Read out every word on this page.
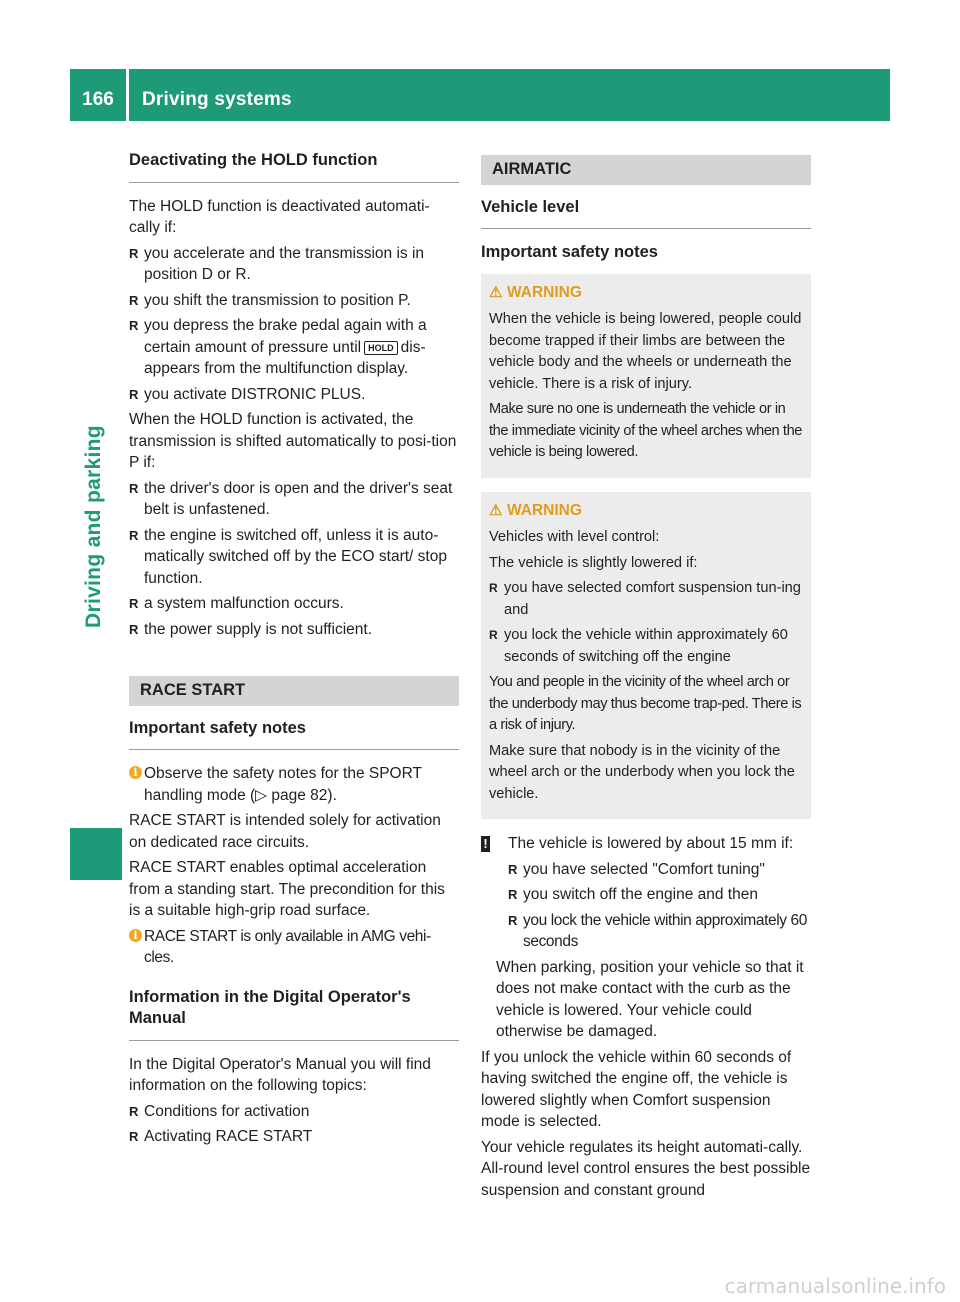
166	Driving systems
Driving and parking
Deactivating the HOLD function

The HOLD function is deactivated automati-cally if:

R you accelerate and the transmission is in position D or R.
R you shift the transmission to position P.
R you depress the brake pedal again with a certain amount of pressure until HOLD dis-appears from the multifunction display.
R you activate DISTRONIC PLUS.

When the HOLD function is activated, the transmission is shifted automatically to posi-tion P if:

R the driver's door is open and the driver's seat belt is unfastened.
R the engine is switched off, unless it is auto-matically switched off by the ECO start/ stop function.
R a system malfunction occurs.
R the power supply is not sufficient.
RACE START
Important safety notes
i Observe the safety notes for the SPORT handling mode (▷ page 82).

RACE START is intended solely for activation on dedicated race circuits.

RACE START enables optimal acceleration from a standing start. The precondition for this is a suitable high-grip road surface.

i RACE START is only available in AMG vehi-cles.

Information in the Digital Operator's Manual

In the Digital Operator's Manual you will find information on the following topics:

R Conditions for activation
R Activating RACE START
AIRMATIC
Vehicle level
Important safety notes
⚠ WARNING

When the vehicle is being lowered, people could become trapped if their limbs are between the vehicle body and the wheels or underneath the vehicle. There is a risk of injury.

Make sure no one is underneath the vehicle or in the immediate vicinity of the wheel arches when the vehicle is being lowered.

⚠ WARNING

Vehicles with level control:

The vehicle is slightly lowered if:

R you have selected comfort suspension tun-ing and
R you lock the vehicle within approximately 60 seconds of switching off the engine

You and people in the vicinity of the wheel arch or the underbody may thus become trap-ped. There is a risk of injury.

Make sure that nobody is in the vicinity of the wheel arch or the underbody when you lock the vehicle.

! The vehicle is lowered by about 15 mm if:

R you have selected "Comfort tuning"
R you switch off the engine and then
R you lock the vehicle within approximately 60 seconds

When parking, position your vehicle so that it does not make contact with the curb as the vehicle is lowered. Your vehicle could otherwise be damaged.

If you unlock the vehicle within 60 seconds of having switched the engine off, the vehicle is lowered slightly when Comfort suspension mode is selected.

Your vehicle regulates its height automati-cally. All-round level control ensures the best possible suspension and constant ground

carmanualsonline.info
